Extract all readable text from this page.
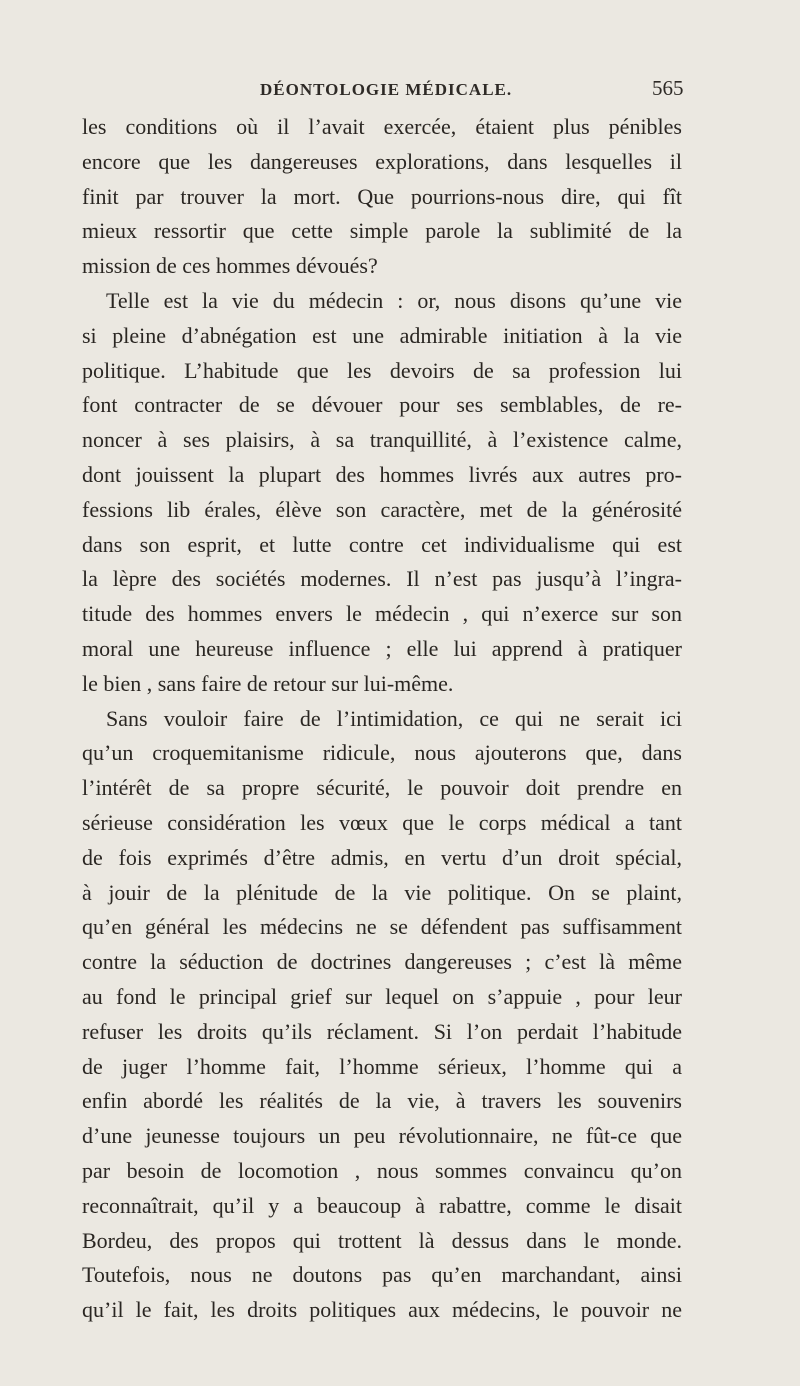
DÉONTOLOGIE MÉDICALE.	565
les conditions où il l’avait exercée, étaient plus pénibles
encore que les dangereuses explorations, dans lesquelles il
finit par trouver la mort. Que pourrions-nous dire, qui fît
mieux ressortir que cette simple parole la sublimité de la
mission de ces hommes dévoués?
Telle est la vie du médecin : or, nous disons qu’une vie
si pleine d’abnégation est une admirable initiation à la vie
politique. L’habitude que les devoirs de sa profession lui
font contracter de se dévouer pour ses semblables, de re-
noncer à ses plaisirs, à sa tranquillité, à l’existence calme,
dont jouissent la plupart des hommes livrés aux autres pro-
fessions lib érales, élève son caractère, met de la générosité
dans son esprit, et lutte contre cet individualisme qui est
la lèpre des sociétés modernes. Il n’est pas jusqu’à l’ingra-
titude des hommes envers le médecin , qui n’exerce sur son
moral une heureuse influence ; elle lui apprend à pratiquer
le bien , sans faire de retour sur lui-même.
Sans vouloir faire de l’intimidation, ce qui ne serait ici
qu’un croquemitanisme ridicule, nous ajouterons que, dans
l’intérêt de sa propre sécurité, le pouvoir doit prendre en
sérieuse considération les vœux que le corps médical a tant
de fois exprimés d’être admis, en vertu d’un droit spécial,
à jouir de la plénitude de la vie politique. On se plaint,
qu’en général les médecins ne se défendent pas suffisamment
contre la séduction de doctrines dangereuses ; c’est là même
au fond le principal grief sur lequel on s’appuie , pour leur
refuser les droits qu’ils réclament. Si l’on perdait l’habitude
de juger l’homme fait, l’homme sérieux, l’homme qui a
enfin abordé les réalités de la vie, à travers les souvenirs
d’une jeunesse toujours un peu révolutionnaire, ne fût-ce que
par besoin de locomotion , nous sommes convaincu qu’on
reconnaîtrait, qu’il y a beaucoup à rabattre, comme le disait
Bordeu, des propos qui trottent là dessus dans le monde.
Toutefois, nous ne doutons pas qu’en marchandant, ainsi
qu’il le fait, les droits politiques aux médecins, le pouvoir ne
